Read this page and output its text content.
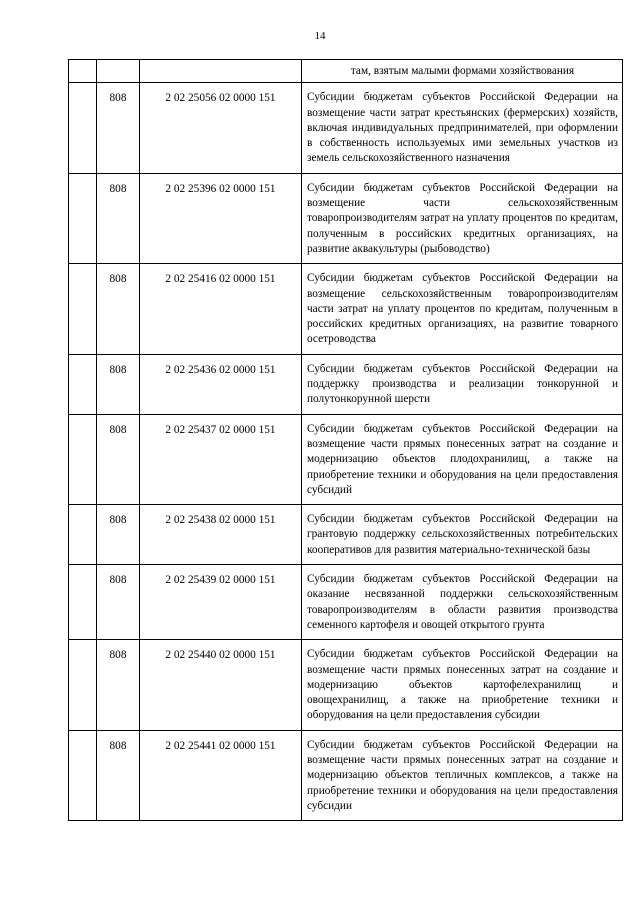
14
			там, взятым малыми формами хозяйствования
	808	2 02 25056 02 0000 151	Субсидии бюджетам субъектов Российской Федерации на возмещение части затрат крестьянских (фермерских) хозяйств, включая индивидуальных предпринимателей, при оформлении в собственность используемых ими земельных участков из земель сельскохозяйственного назначения
	808	2 02 25396 02 0000 151	Субсидии бюджетам субъектов Российской Федерации на возмещение части сельскохозяйственным товаропроизводителям затрат на уплату процентов по кредитам, полученным в российских кредитных организациях, на развитие аквакультуры (рыбоводство)
	808	2 02 25416 02 0000 151	Субсидии бюджетам субъектов Российской Федерации на возмещение сельскохозяйственным товаропроизводителям части затрат на уплату процентов по кредитам, полученным в российских кредитных организациях, на развитие товарного осетроводства
	808	2 02 25436 02 0000 151	Субсидии бюджетам субъектов Российской Федерации на поддержку производства и реализации тонкорунной и полутонкорунной шерсти
	808	2 02 25437 02 0000 151	Субсидии бюджетам субъектов Российской Федерации на возмещение части прямых понесенных затрат на создание и модернизацию объектов плодохранилищ, а также на приобретение техники и оборудования на цели предоставления субсидий
	808	2 02 25438 02 0000 151	Субсидии бюджетам субъектов Российской Федерации на грантовую поддержку сельскохозяйственных потребительских кооперативов для развития материально-технической базы
	808	2 02 25439 02 0000 151	Субсидии бюджетам субъектов Российской Федерации на оказание несвязанной поддержки сельскохозяйственным товаропроизводителям в области развития производства семенного картофеля и овощей открытого грунта
	808	2 02 25440 02 0000 151	Субсидии бюджетам субъектов Российской Федерации на возмещение части прямых понесенных затрат на создание и модернизацию объектов картофелехранилищ и овощехранилищ, а также на приобретение техники и оборудования на цели предоставления субсидии
	808	2 02 25441 02 0000 151	Субсидии бюджетам субъектов Российской Федерации на возмещение части прямых понесенных затрат на создание и модернизацию объектов тепличных комплексов, а также на приобретение техники и оборудования на цели предоставления субсидии
